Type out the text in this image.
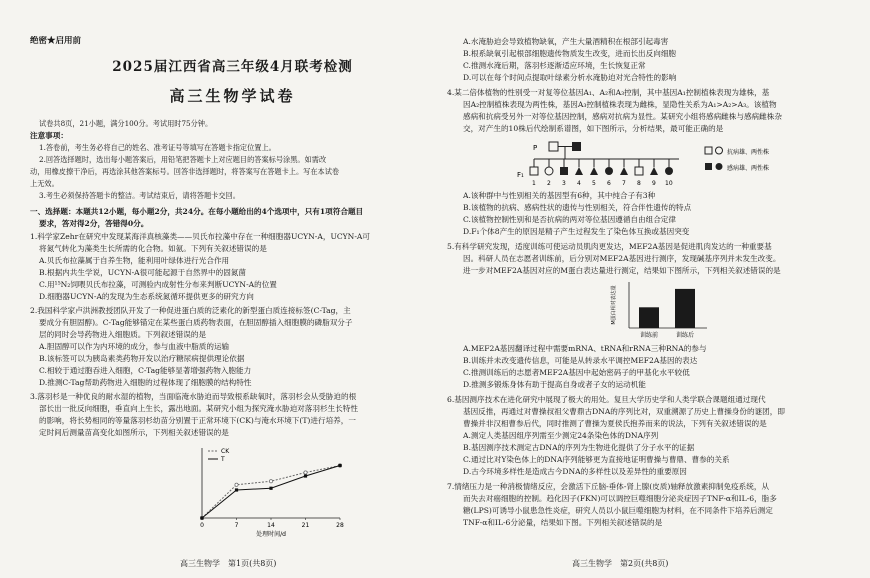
绝密★启用前
2025届江西省高三年级4月联考检测
高三生物学试卷
试卷共8页，21小题，满分100分。考试用时75分钟。
注意事项：
1.答卷前，考生务必将自己的姓名、准考证号等填写在答题卡指定位置上。
2.回答选择题时，选出每小题答案后，用铅笔把答题卡上对应题目的答案标号涂黑。如需改
动，用橡皮擦干净后，再选涂其他答案标号。回答非选择题时，将答案写在答题卡上。写在本试卷
上无效。
3.考生必须保持答题卡的整洁。考试结束后，请将答题卡交回。
一、选择题：本题共12小题，每小题2分，共24分。在每小题给出的4个选项中，只有1项符合题目
要求，答对得2分，答错得0分。
1.科学家Zehr在研究中发现某海洋真核藻类——贝氏布拉藻中存在一种细胞器UCYN-A，UCYN-A可
将氮气转化为藻类生长所需的化合物。如氨。下列有关叙述错误的是
A.贝氏布拉藻属于自养生物，能利用叶绿体进行光合作用
B.根据内共生学说，UCYN-A很可能起源于自然界中的固氮菌
C.用¹⁵N₂饲喂贝氏布拉藻，可测验内成射性分布来判断UCYN-A的位置
D.细胞器UCYN-A的发现为生态系统氮循环提供更多的研究方向
2.我国科学家卢洪洲教授团队开发了一种促进蛋白质的泛素化的新型蛋白质连接标签(C-Tag，主
要成分有胆固醇)。C-Tag能够锚定在某些蛋白质药物表面，在胆固醇插入细胞膜的磷脂双分子
层的同时会导药物进入细胞质。下列叙述错误的是
A.胆固醇可以作为内环境的成分，参与血液中脂质的运输
B.该标签可以为胰岛素类药物开发以治疗糖尿病提供理论依据
C.相较于通过胞吞进入细胞，C-Tag能够显著增强药物入胞能力
D.推测C-Tag帮助药物进入细胞的过程体现了细胞膜的结构特性
3.落羽杉是一种优良的耐水湿的植物，当面临淹水胁迫而导致根系缺氧时，落羽杉会从受胁迫的根
部长出一批反向细胞，垂直向上生长，露出地面。某研究小组为探究淹水胁迫对落羽杉生长特性
的影响，将长势相同的等量落羽杉幼苗分别置于正常环境下(CK)与淹水环境下(T)进行培养，一
定时间后测量苗高变化如图所示，下列相关叙述错误的是
0	7	14	21	28
处理时间/d
CK
T
高三生物学　第1页(共8页)
A.水淹胁迫会导致植物缺氧，产生大量酒精积在根部引起毒害
B.根系缺氧引起根部细胞遗传物质发生改变，进而长出反向细胞
C.推测水淹后期，落羽杉逐渐适应环境，生长恢复正常
D.可以在每个时间点提取叶绿素分析水淹胁迫对光合特性的影响
4.某二倍体植物的性别受一对复等位基因A₁、A₂和A₃控制，其中基因A₁控制植株表现为雄株，基
因A₂控制植株表现为两性株，基因A₃控制植株表现为雌株，显隐性关系为A₁>A₂>A₃。该植物
感病和抗病受另外一对等位基因控制，感病对抗病为显性。某研究小组将感病雌株与感病雌株杂
交，对产生的10株后代绘制系谱图，如下图所示，分析结果，最可能正确的是
P
F₁
1 2 3 4 5 6 7 8 9 10
抗病雄、两性株
感病雄、两性株
A.该种群中与性别相关的基因型有6种，其中纯合子有3种
B.该植物的抗病、感病性状的遗传与性别相关，符合伴性遗传的特点
C.该植物控制性别和是否抗病的两对等位基因遵循自由组合定律
D.F₁个体8产生的原因是精子产生过程发生了染色体互换或基因突变
5.有科学研究发现，适度训练可使运动员肌肉更发达，MEF2A基因是促进肌肉发达的一种重要基
因。科研人员在志愿者训练前，后分别对MEF2A基因进行测序，发现碱基序列并未发生改变。
进一步对MEF2A基因对应的M蛋白表达量进行测定，结果如下图所示，下列相关叙述错误的是
M蛋白相对表达量
训练前	训练后
A.MEF2A基因翻译过程中需要mRNA、tRNA和rRNA三种RNA的参与
B.训练并未改变遗传信息，可能是从转录水平调控MEF2A基因的表达
C.推测训练后的志愿者MEF2A基因中起始密码子的甲基化水平较低
D.推测多锻炼身体有助于提高自身或者子女的运动机能
6.基因测序技术在进化研究中展现了极大的用处。复旦大学历史学和人类学联合课题组通过现代
基因反推，再通过对曹操叔祖父曹鼎古DNA的序列比对，双重溯源了历史上曹操身份的谜团，即
曹操并非汉相曹参后代，同时推测了曹操为夏侯氏抱养而来的说法，下列有关叙述错误的是
A.测定人类基因组序列需至少测定24条染色体的DNA序列
B.基因测序技术测定古DNA的序列为生物进化提供了分子水平的证据
C.通过比对Y染色体上的DNA序列能够更为直接地证明曹操与曹鼎、曹参的关系
D.古今环境多样性是造成古今DNA的多样性以及差异性的重要原因
7.情绪压力是一种消极情绪反应，会激活下丘脑-垂体-肾上腺(皮质)轴释放激素抑制免疫系统，从
而失去对癌细胞的控制。趋化因子(FKN)可以调控巨噬细胞分泌炎症因子TNF-α和IL-6，脂多
糖(LPS)可诱导小鼠患急性炎症，研究人员以小鼠巨噬细胞为材料，在不同条件下培养后测定
TNF-α和IL-6分泌量，结果如下图。下列相关叙述错误的是
高三生物学　第2页(共8页)
